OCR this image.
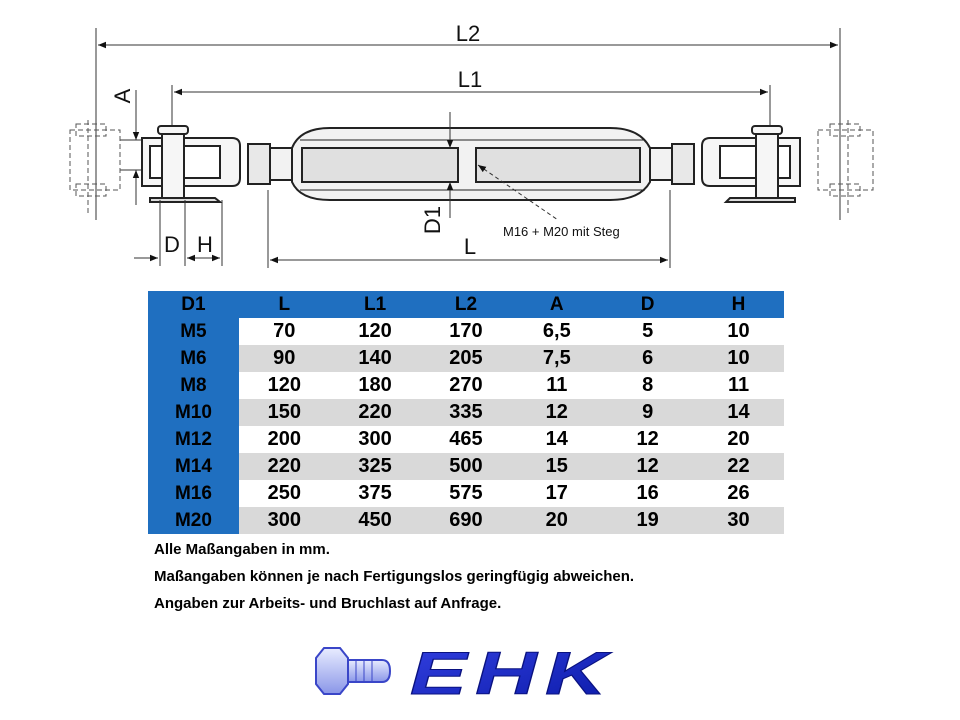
L2
L1
A
D1	M16 + M20 mit Steg
L
D H
D1	L	L1	L2	A	D	H
M5	70	120	170	6,5	5	10
M6	90	140	205	7,5	6	10
M8	120	180	270	11	8	11
M10	150	220	335	12	9	14
M12	200	300	465	14	12	20
M14	220	325	500	15	12	22
M16	250	375	575	17	16	26
M20	300	450	690	20	19	30
Alle Maßangaben in mm.
Maßangaben können je nach Fertigungslos geringfügig abweichen.
Angaben zur Arbeits- und Bruchlast auf Anfrage.
EHK
